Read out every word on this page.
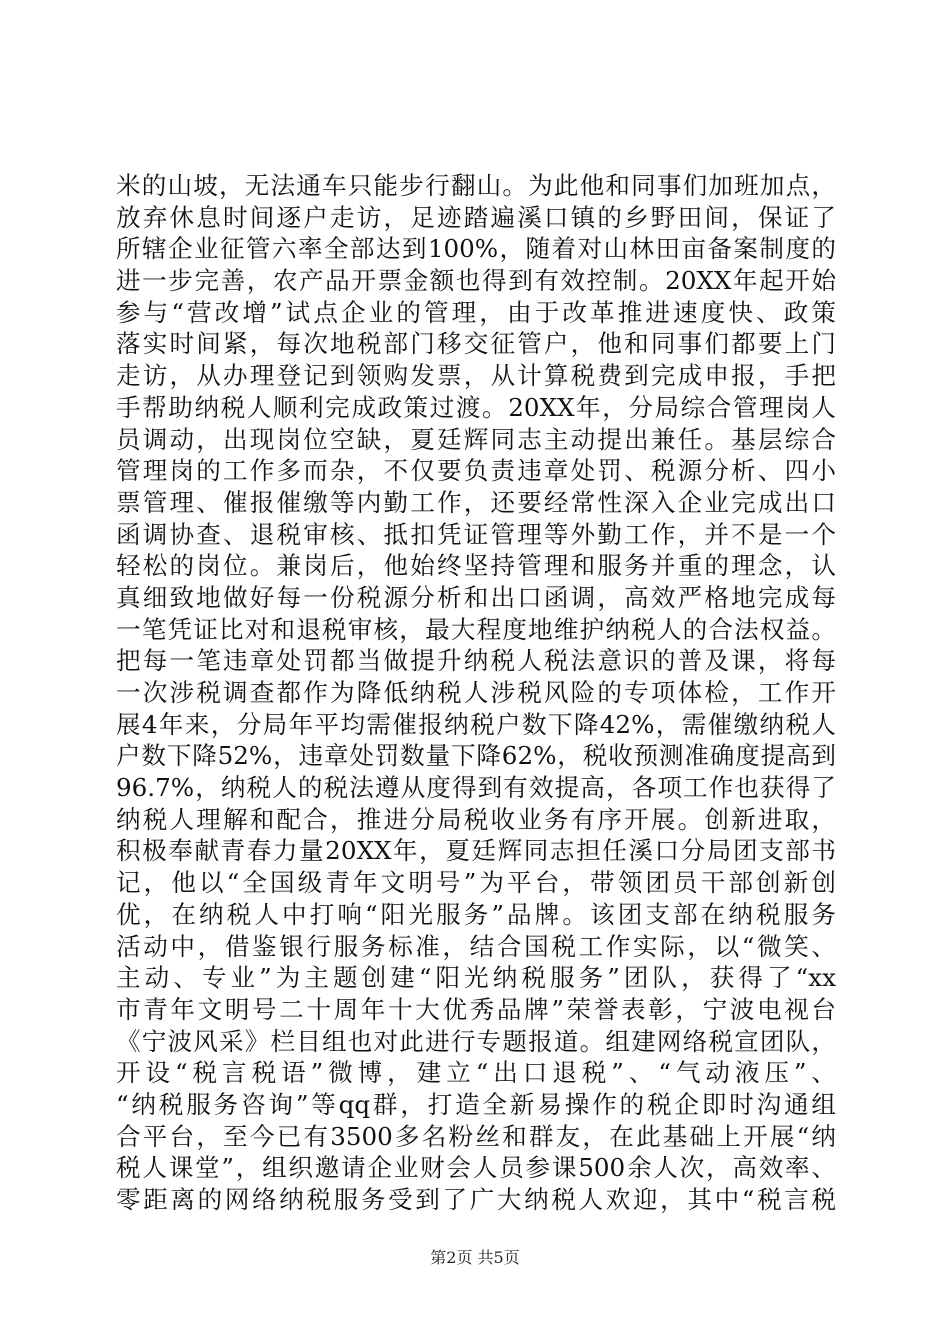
米的山坡，无法通车只能步行翻山。为此他和同事们加班加点，
放弃休息时间逐户走访，足迹踏遍溪口镇的乡野田间，保证了
所辖企业征管六率全部达到100%，随着对山林田亩备案制度的
进一步完善，农产品开票金额也得到有效控制。20XX年起开始
参与“营改增”试点企业的管理，由于改革推进速度快、政策
落实时间紧，每次地税部门移交征管户，他和同事们都要上门
走访，从办理登记到领购发票，从计算税费到完成申报，手把
手帮助纳税人顺利完成政策过渡。20XX年，分局综合管理岗人
员调动，出现岗位空缺，夏廷辉同志主动提出兼任。基层综合
管理岗的工作多而杂，不仅要负责违章处罚、税源分析、四小
票管理、催报催缴等内勤工作，还要经常性深入企业完成出口
函调协查、退税审核、抵扣凭证管理等外勤工作，并不是一个
轻松的岗位。兼岗后，他始终坚持管理和服务并重的理念，认
真细致地做好每一份税源分析和出口函调，高效严格地完成每
一笔凭证比对和退税审核，最大程度地维护纳税人的合法权益。
把每一笔违章处罚都当做提升纳税人税法意识的普及课，将每
一次涉税调查都作为降低纳税人涉税风险的专项体检，工作开
展4年来，分局年平均需催报纳税户数下降42%，需催缴纳税人
户数下降52%，违章处罚数量下降62%，税收预测准确度提高到
96.7%，纳税人的税法遵从度得到有效提高，各项工作也获得了
纳税人理解和配合，推进分局税收业务有序开展。创新进取，
积极奉献青春力量20XX年，夏廷辉同志担任溪口分局团支部书
记，他以“全国级青年文明号”为平台，带领团员干部创新创
优，在纳税人中打响“阳光服务”品牌。该团支部在纳税服务
活动中，借鉴银行服务标准，结合国税工作实际，以“微笑、
主动、专业”为主题创建“阳光纳税服务”团队，获得了“xx
市青年文明号二十周年十大优秀品牌”荣誉表彰，宁波电视台
《宁波风采》栏目组也对此进行专题报道。组建网络税宣团队，
开设“税言税语”微博，建立“出口退税”、“气动液压”、
“纳税服务咨询”等qq群，打造全新易操作的税企即时沟通组
合平台，至今已有3500多名粉丝和群友，在此基础上开展“纳
税人课堂”，组织邀请企业财会人员参课500余人次，高效率、
零距离的网络纳税服务受到了广大纳税人欢迎，其中“税言税
第2页 共5页
